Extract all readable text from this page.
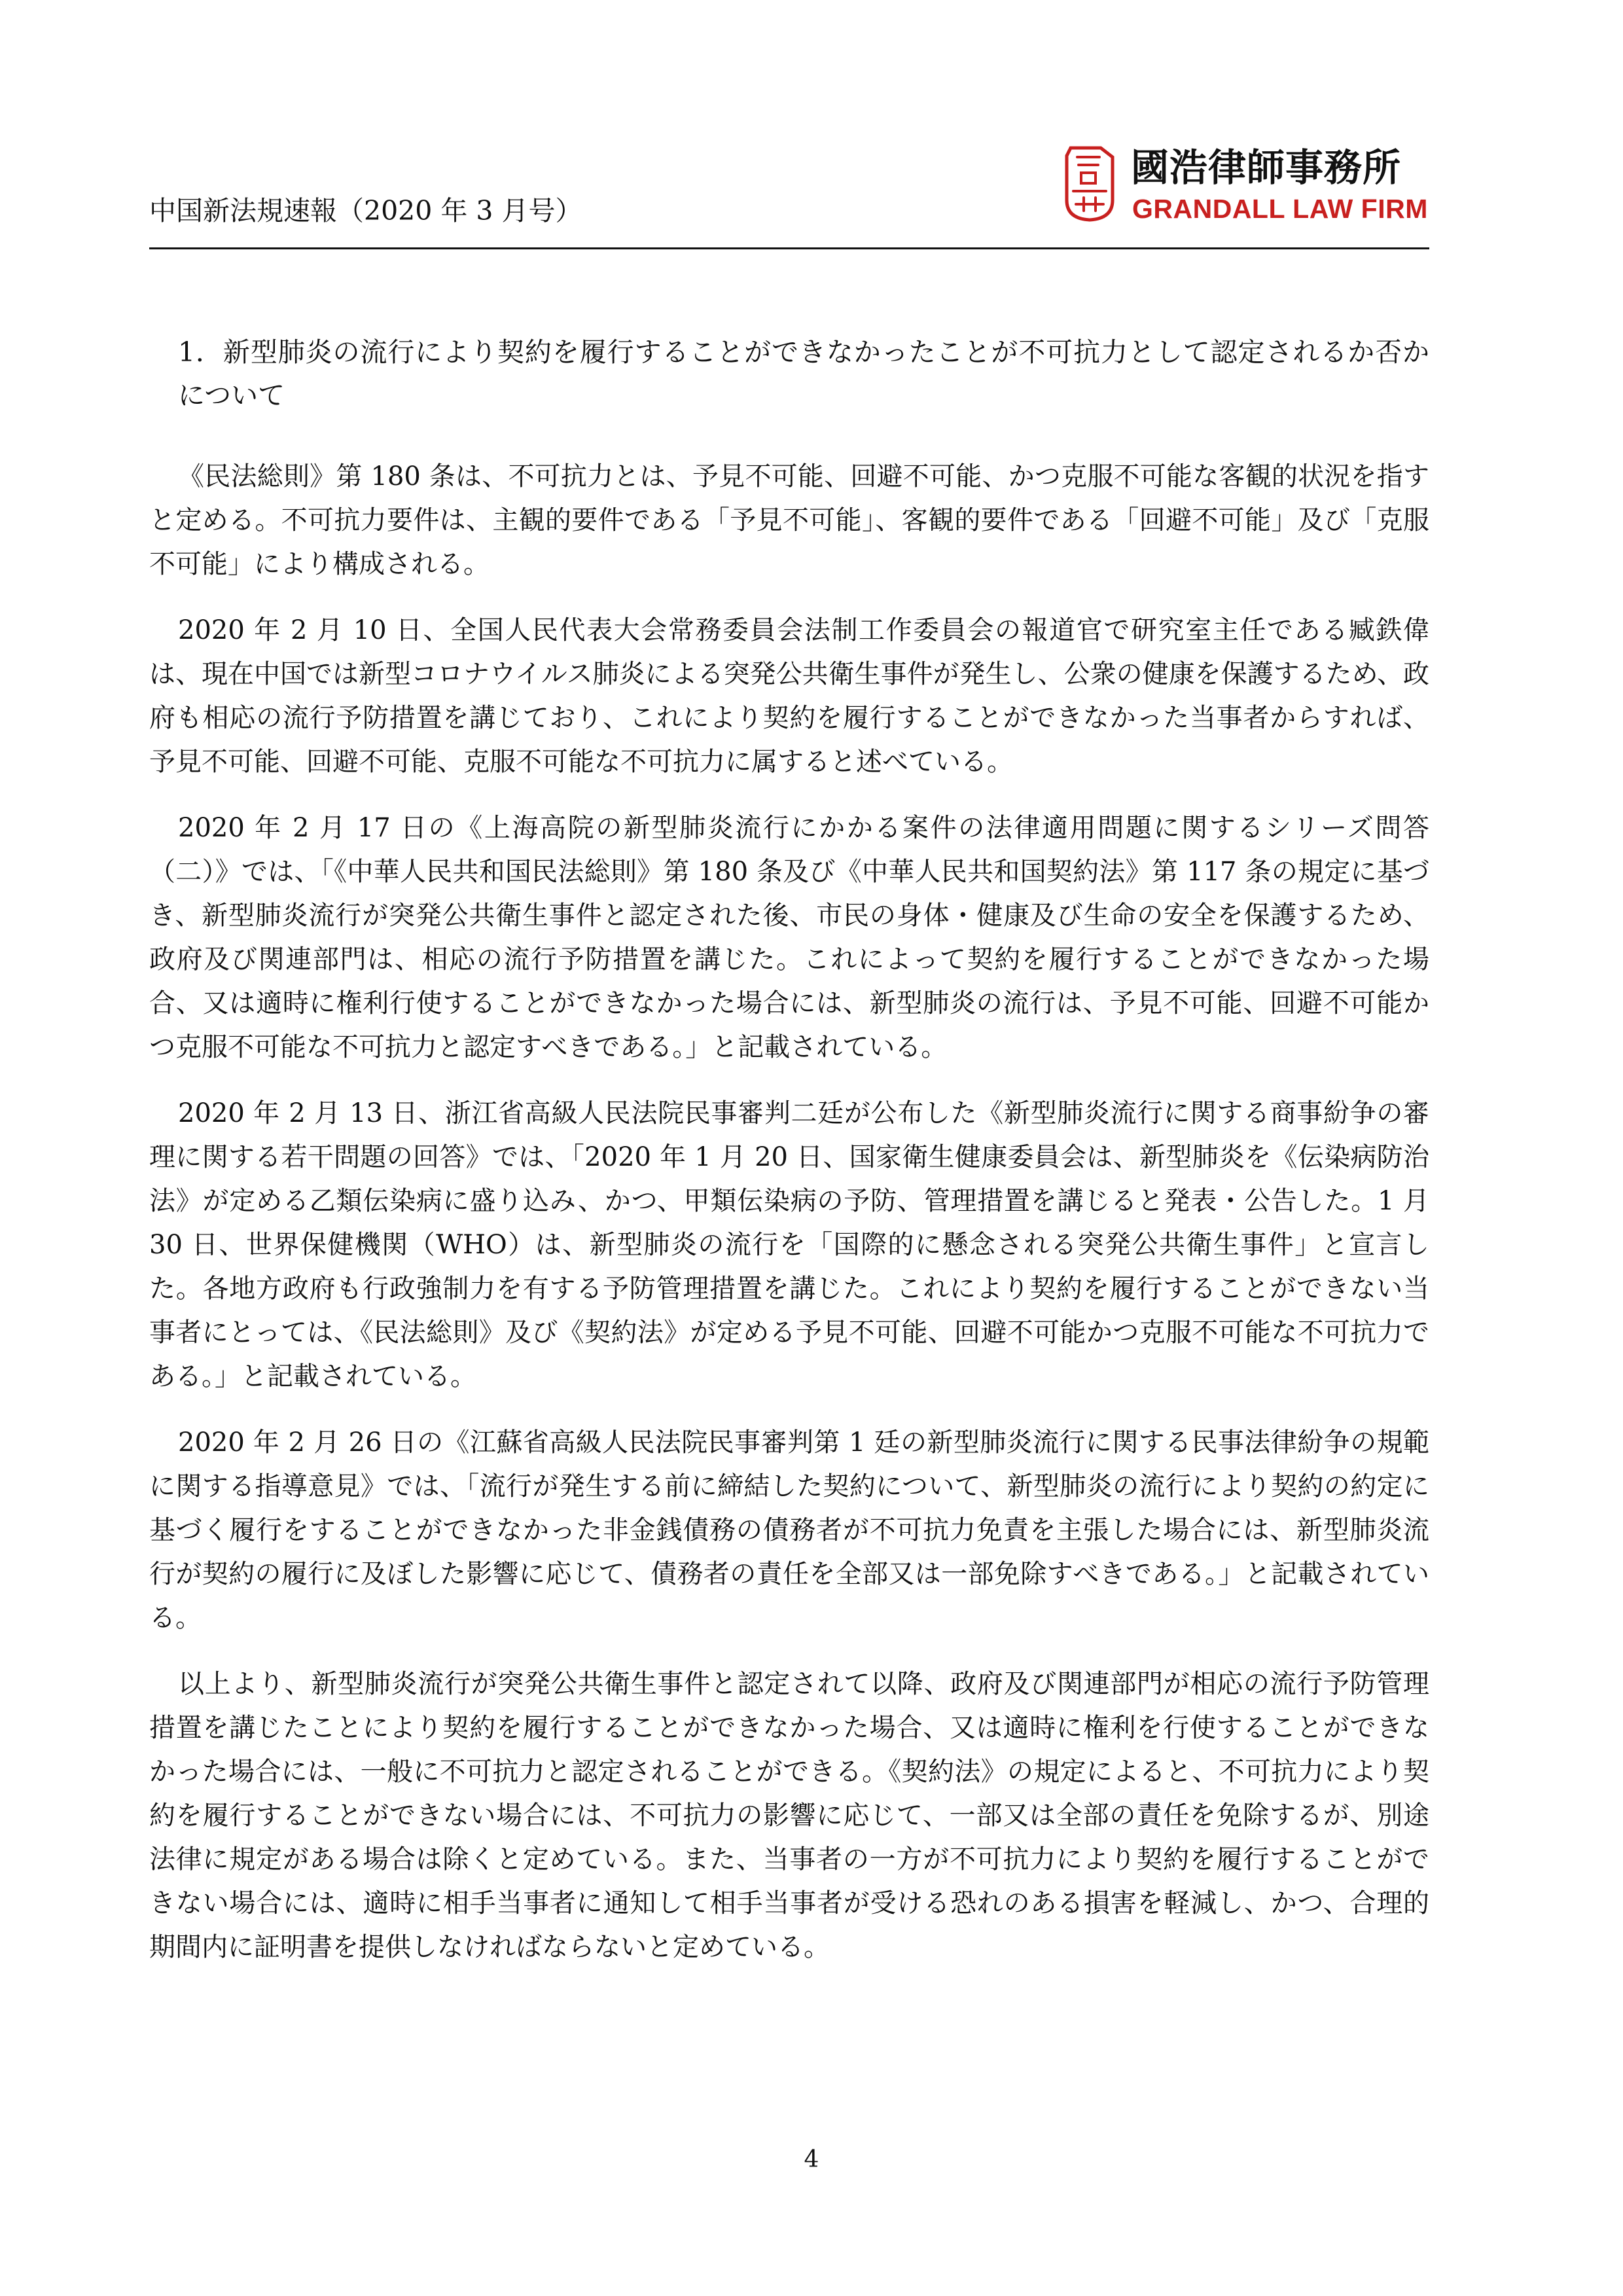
中国新法規速報（2020 年 3 月号）
國浩律師事務所
GRANDALL LAW FIRM

1．新型肺炎の流行により契約を履行することができなかったことが不可抗力として認定されるか否かについて

《民法総則》第 180 条は、不可抗力とは、予見不可能、回避不可能、かつ克服不可能な客観的状況を指すと定める。不可抗力要件は、主観的要件である「予見不可能」、客観的要件である「回避不可能」及び「克服不可能」により構成される。

2020 年 2 月 10 日、全国人民代表大会常務委員会法制工作委員会の報道官で研究室主任である臧鉄偉は、現在中国では新型コロナウイルス肺炎による突発公共衛生事件が発生し、公衆の健康を保護するため、政府も相応の流行予防措置を講じており、これにより契約を履行することができなかった当事者からすれば、予見不可能、回避不可能、克服不可能な不可抗力に属すると述べている。

2020 年 2 月 17 日の《上海高院の新型肺炎流行にかかる案件の法律適用問題に関するシリーズ問答（二）》では、「《中華人民共和国民法総則》第 180 条及び《中華人民共和国契約法》第 117 条の規定に基づき、新型肺炎流行が突発公共衛生事件と認定された後、市民の身体・健康及び生命の安全を保護するため、政府及び関連部門は、相応の流行予防措置を講じた。これによって契約を履行することができなかった場合、又は適時に権利行使することができなかった場合には、新型肺炎の流行は、予見不可能、回避不可能かつ克服不可能な不可抗力と認定すべきである。」と記載されている。

2020 年 2 月 13 日、浙江省高級人民法院民事審判二廷が公布した《新型肺炎流行に関する商事紛争の審理に関する若干問題の回答》では、「2020 年 1 月 20 日、国家衛生健康委員会は、新型肺炎を《伝染病防治法》が定める乙類伝染病に盛り込み、かつ、甲類伝染病の予防、管理措置を講じると発表・公告した。1 月 30 日、世界保健機関（WHO）は、新型肺炎の流行を「国際的に懸念される突発公共衛生事件」と宣言した。各地方政府も行政強制力を有する予防管理措置を講じた。これにより契約を履行することができない当事者にとっては、《民法総則》及び《契約法》が定める予見不可能、回避不可能かつ克服不可能な不可抗力である。」と記載されている。

2020 年 2 月 26 日の《江蘇省高級人民法院民事審判第 1 廷の新型肺炎流行に関する民事法律紛争の規範に関する指導意見》では、「流行が発生する前に締結した契約について、新型肺炎の流行により契約の約定に基づく履行をすることができなかった非金銭債務の債務者が不可抗力免責を主張した場合には、新型肺炎流行が契約の履行に及ぼした影響に応じて、債務者の責任を全部又は一部免除すべきである。」と記載されている。

以上より、新型肺炎流行が突発公共衛生事件と認定されて以降、政府及び関連部門が相応の流行予防管理措置を講じたことにより契約を履行することができなかった場合、又は適時に権利を行使することができなかった場合には、一般に不可抗力と認定されることができる。《契約法》の規定によると、不可抗力により契約を履行することができない場合には、不可抗力の影響に応じて、一部又は全部の責任を免除するが、別途法律に規定がある場合は除くと定めている。また、当事者の一方が不可抗力により契約を履行することができない場合には、適時に相手当事者に通知して相手当事者が受ける恐れのある損害を軽減し、かつ、合理的期間内に証明書を提供しなければならないと定めている。

4
